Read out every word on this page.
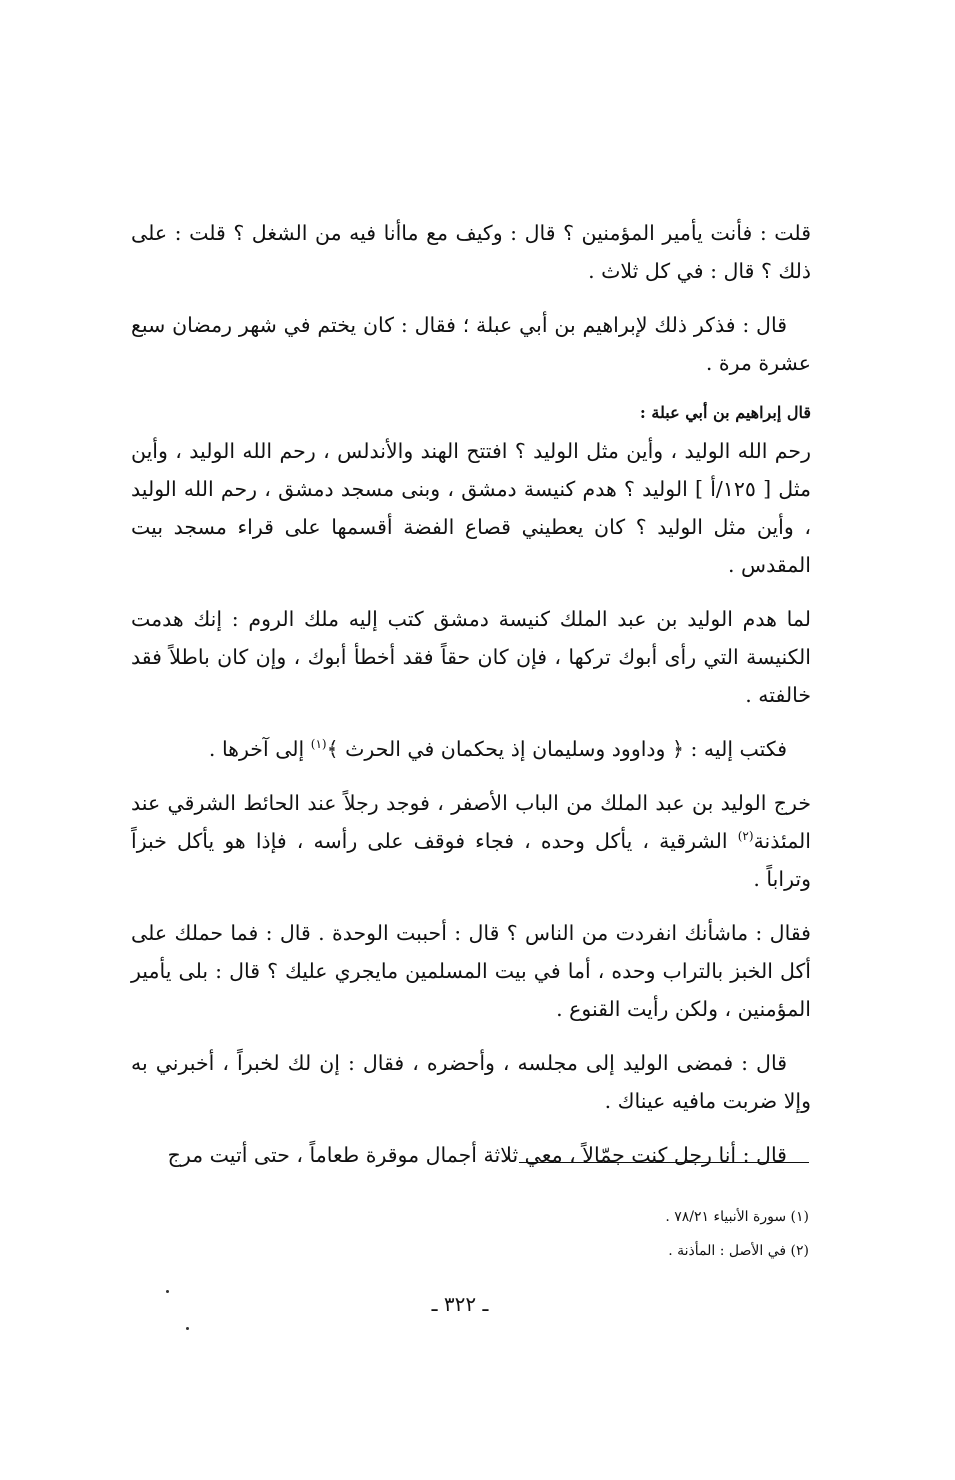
قلت : فأنت يأمير المؤمنين ؟ قال : وكيف مع ماأنا فيه من الشغل ؟ قلت : على ذلك ؟ قال : في كل ثلاث .

قال : فذكر ذلك لإبراهيم بن أبي عبلة ؛ فقال : كان يختم في شهر رمضان سبع عشرة مرة .

قال إبراهيم بن أبي عبلة :

رحم الله الوليد ، وأين مثل الوليد ؟ افتتح الهند والأندلس ، رحم الله الوليد ، وأين مثل [ ١٢٥/أ ] الوليد ؟ هدم كنيسة دمشق ، وبنى مسجد دمشق ، رحم الله الوليد ، وأين مثل الوليد ؟ كان يعطيني قصاع الفضة أقسمها على قراء مسجد بيت المقدس .

لما هدم الوليد بن عبد الملك كنيسة دمشق كتب إليه ملك الروم : إنك هدمت الكنيسة التي رأى أبوك تركها ، فإن كان حقاً فقد أخطأ أبوك ، وإن كان باطلاً فقد خالفته .

فكتب إليه : ﴿ وداوود وسليمان إذ يحكمان في الحرث ﴾$^{(١)}$ إلى آخرها .

خرج الوليد بن عبد الملك من الباب الأصفر ، فوجد رجلاً عند الحائط الشرقي عند المئذنة$^{(٢)}$ الشرقية ، يأكل وحده ، فجاء فوقف على رأسه ، فإذا هو يأكل خبزاً وتراباً .

فقال : ماشأنك انفردت من الناس ؟ قال : أحببت الوحدة . قال : فما حملك على أكل الخبز بالتراب وحده ، أما في بيت المسلمين مايجري عليك ؟ قال : بلى يأمير المؤمنين ، ولكن رأيت القنوع .

قال : فمضى الوليد إلى مجلسه ، وأحضره ، فقال : إن لك لخبراً ، أخبرني به وإلا ضربت مافيه عيناك .

قال : أنا رجل كنت جمّالاً ، معي ثلاثة أجمال موقرة طعاماً ، حتى أتيت مرج

(١) سورة الأنبياء ٧٨/٢١ .
(٢) في الأصل : المأذنة .
ـ ٣٢٢ ـ
